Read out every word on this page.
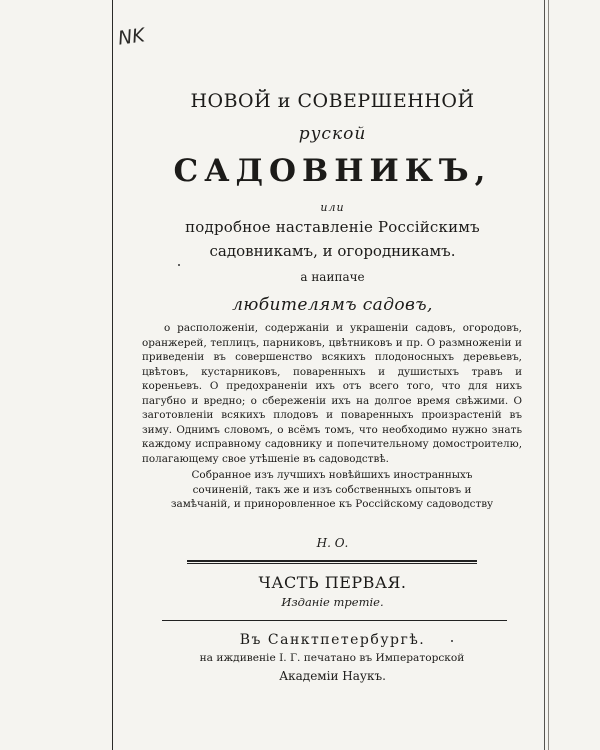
NK
НОВОЙ и СОВЕРШЕННОЙ
руской
САДОВНИКЪ,
или
подробное наставленіе Россійскимъ
садовникамъ, и огородникамъ.
а наипаче
любителямъ садовъ,
о расположеніи, содержаніи и украшеніи садовъ, огородовъ, оранжерей, теплицъ, парниковъ, цвѣтниковъ и пр. О размноженіи и приведеніи въ совершенство всякихъ плодоносныхъ деревьевъ, цвѣтовъ, кустарниковъ, поваренныхъ и душистыхъ травъ и кореньевъ. О предохраненіи ихъ отъ всего того, что для нихъ пагубно и вредно; о сбереженіи ихъ на долгое время свѣжими. О заготовленіи всякихъ плодовъ и поваренныхъ произрастеній въ зиму. Однимъ словомъ, о всёмъ томъ, что необходимо нужно знать каждому исправному садовнику и попечительному домостроителю, полагающему свое утѣшеніе въ садоводствѣ.
Собранное изъ лучшихъ новѣйшихъ иностранныхъ сочиненій, такъ же и изъ собственныхъ опытовъ и замѣчаній, и приноровленное къ Россійскому садоводству
Н. О.
ЧАСТЬ ПЕРВАЯ.
Изданіе третіе.
Въ Санктпетербургѣ.
на иждивеніе І. Г. печатано въ Императорской
Академіи Наукъ.
